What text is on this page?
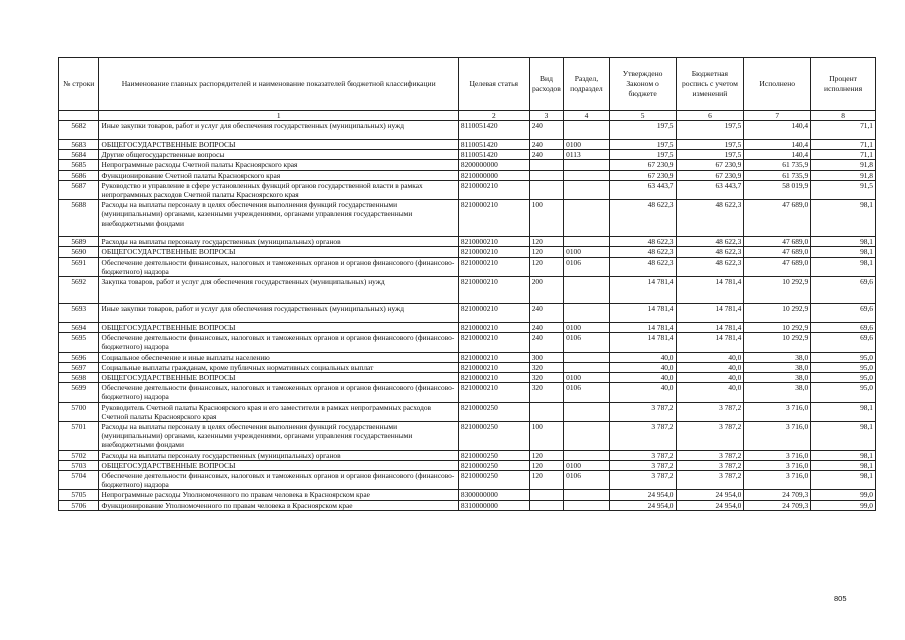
№ строки	Наименование главных распорядителей и наименование показателей бюджетной классификации	Целевая статья	Вид расходов	Раздел, подраздел	Утверждено Законом о бюджете	Бюджетная роспись с учетом изменений	Исполнено	Процент исполнения
	1	2	3	4	5	6	7	8
5682	Иные закупки товаров, работ и услуг для обеспечения государственных (муниципальных) нужд	8110051420	240		197,5	197,5	140,4	71,1
5683	ОБЩЕГОСУДАРСТВЕННЫЕ ВОПРОСЫ	8110051420	240	0100	197,5	197,5	140,4	71,1
5684	Другие общегосударственные вопросы	8110051420	240	0113	197,5	197,5	140,4	71,1
5685	Непрограммные расходы Счетной палаты Красноярского края	8200000000			67 230,9	67 230,9	61 735,9	91,8
5686	Функционирование Счетной палаты Красноярского края	8210000000			67 230,9	67 230,9	61 735,9	91,8
5687	Руководство и управление в сфере установленных функций органов государственной власти в рамках непрограммных расходов Счетной палаты Красноярского края	8210000210			63 443,7	63 443,7	58 019,9	91,5
5688	Расходы на выплаты персоналу в целях обеспечения выполнения функций государственными (муниципальными) органами, казенными учреждениями, органами управления государственными внебюджетными фондами	8210000210	100		48 622,3	48 622,3	47 689,0	98,1
5689	Расходы на выплаты персоналу государственных (муниципальных) органов	8210000210	120		48 622,3	48 622,3	47 689,0	98,1
5690	ОБЩЕГОСУДАРСТВЕННЫЕ ВОПРОСЫ	8210000210	120	0100	48 622,3	48 622,3	47 689,0	98,1
5691	Обеспечение деятельности финансовых, налоговых и таможенных органов и органов финансового (финансово-бюджетного) надзора	8210000210	120	0106	48 622,3	48 622,3	47 689,0	98,1
5692	Закупка товаров, работ и услуг для обеспечения государственных (муниципальных) нужд	8210000210	200		14 781,4	14 781,4	10 292,9	69,6
5693	Иные закупки товаров, работ и услуг для обеспечения государственных (муниципальных) нужд	8210000210	240		14 781,4	14 781,4	10 292,9	69,6
5694	ОБЩЕГОСУДАРСТВЕННЫЕ ВОПРОСЫ	8210000210	240	0100	14 781,4	14 781,4	10 292,9	69,6
5695	Обеспечение деятельности финансовых, налоговых и таможенных органов и органов финансового (финансово-бюджетного) надзора	8210000210	240	0106	14 781,4	14 781,4	10 292,9	69,6
5696	Социальное обеспечение и иные выплаты населению	8210000210	300		40,0	40,0	38,0	95,0
5697	Социальные выплаты гражданам, кроме публичных нормативных социальных выплат	8210000210	320		40,0	40,0	38,0	95,0
5698	ОБЩЕГОСУДАРСТВЕННЫЕ ВОПРОСЫ	8210000210	320	0100	40,0	40,0	38,0	95,0
5699	Обеспечение деятельности финансовых, налоговых и таможенных органов и органов финансового (финансово-бюджетного) надзора	8210000210	320	0106	40,0	40,0	38,0	95,0
5700	Руководитель Счетной палаты Красноярского края и его заместители в рамках непрограммных расходов Счетной палаты Красноярского края	8210000250			3 787,2	3 787,2	3 716,0	98,1
5701	Расходы на выплаты персоналу в целях обеспечения выполнения функций государственными (муниципальными) органами, казенными учреждениями, органами управления государственными внебюджетными фондами	8210000250	100		3 787,2	3 787,2	3 716,0	98,1
5702	Расходы на выплаты персоналу государственных (муниципальных) органов	8210000250	120		3 787,2	3 787,2	3 716,0	98,1
5703	ОБЩЕГОСУДАРСТВЕННЫЕ ВОПРОСЫ	8210000250	120	0100	3 787,2	3 787,2	3 716,0	98,1
5704	Обеспечение деятельности финансовых, налоговых и таможенных органов и органов финансового (финансово-бюджетного) надзора	8210000250	120	0106	3 787,2	3 787,2	3 716,0	98,1
5705	Непрограммные расходы Уполномоченного по правам человека в Красноярском крае	8300000000			24 954,0	24 954,0	24 709,3	99,0
5706	Функционирование Уполномоченного по правам человека в Красноярском крае	8310000000			24 954,0	24 954,0	24 709,3	99,0
805
